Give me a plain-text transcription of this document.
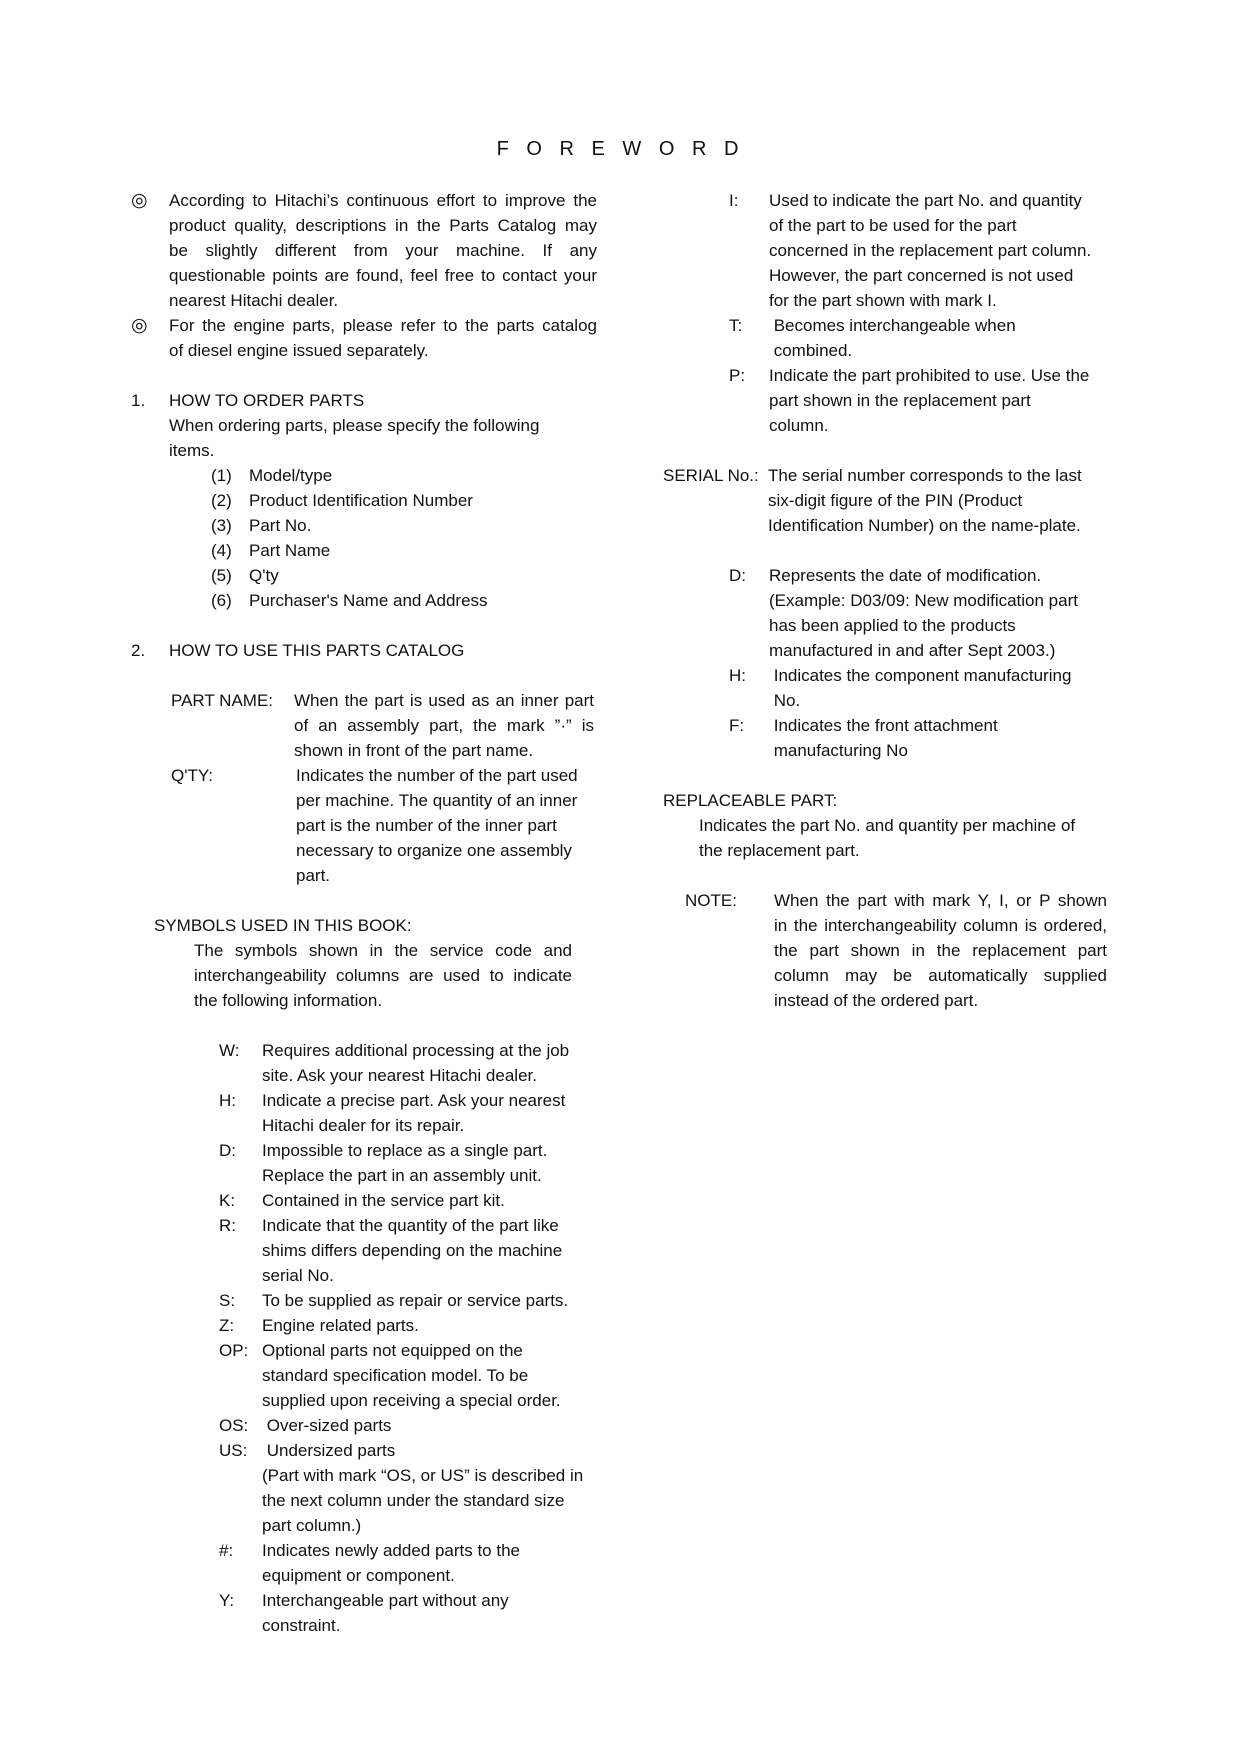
F O R E W O R D
◎ According to Hitachi’s continuous effort to improve the
product quality, descriptions in the Parts Catalog may
be slightly different from your machine. If any
questionable points are found, feel free to contact your
nearest Hitachi dealer.
◎ For the engine parts, please refer to the parts catalog
of diesel engine issued separately.
1. HOW TO ORDER PARTS
When ordering parts, please specify the following
items.
(1) Model/type
(2) Product Identification Number
(3) Part No.
(4) Part Name
(5) Q'ty
(6) Purchaser's Name and Address
2. HOW TO USE THIS PARTS CATALOG
PART NAME: When the part is used as an inner part
of an assembly part, the mark ”·” is
shown in front of the part name.
Q'TY:	Indicates the number of the part used
per machine. The quantity of an inner
part is the number of the inner part
necessary to organize one assembly
part.
SYMBOLS USED IN THIS BOOK:
The symbols shown in the service code and
interchangeability columns are used to indicate
the following information.
W: Requires additional processing at the job
site. Ask your nearest Hitachi dealer.
H: Indicate a precise part. Ask your nearest
Hitachi dealer for its repair.
D: Impossible to replace as a single part.
Replace the part in an assembly unit.
K: Contained in the service part kit.
R: Indicate that the quantity of the part like
shims differs depending on the machine
serial No.
S: To be supplied as repair or service parts.
Z: Engine related parts.
OP: Optional parts not equipped on the
standard specification model. To be
supplied upon receiving a special order.
OS: Over-sized parts
US: Undersized parts
(Part with mark “OS, or US” is described in
the next column under the standard size
part column.)
#: Indicates newly added parts to the
equipment or component.
Y: Interchangeable part without any
constraint.
I: Used to indicate the part No. and quantity
of the part to be used for the part
concerned in the replacement part column.
However, the part concerned is not used
for the part shown with mark I.
T: Becomes interchangeable when
combined.
P: Indicate the part prohibited to use. Use the
part shown in the replacement part
column.
SERIAL No.: The serial number corresponds to the last
six-digit figure of the PIN (Product
Identification Number) on the name-plate.
D: Represents the date of modification.
(Example: D03/09: New modification part
has been applied to the products
manufactured in and after Sept 2003.)
H: Indicates the component manufacturing
No.
F: Indicates the front attachment
manufacturing No
REPLACEABLE PART:
Indicates the part No. and quantity per machine of
the replacement part.
NOTE: When the part with mark Y, I, or P shown
in the interchangeability column is ordered,
the part shown in the replacement part
column may be automatically supplied
instead of the ordered part.
